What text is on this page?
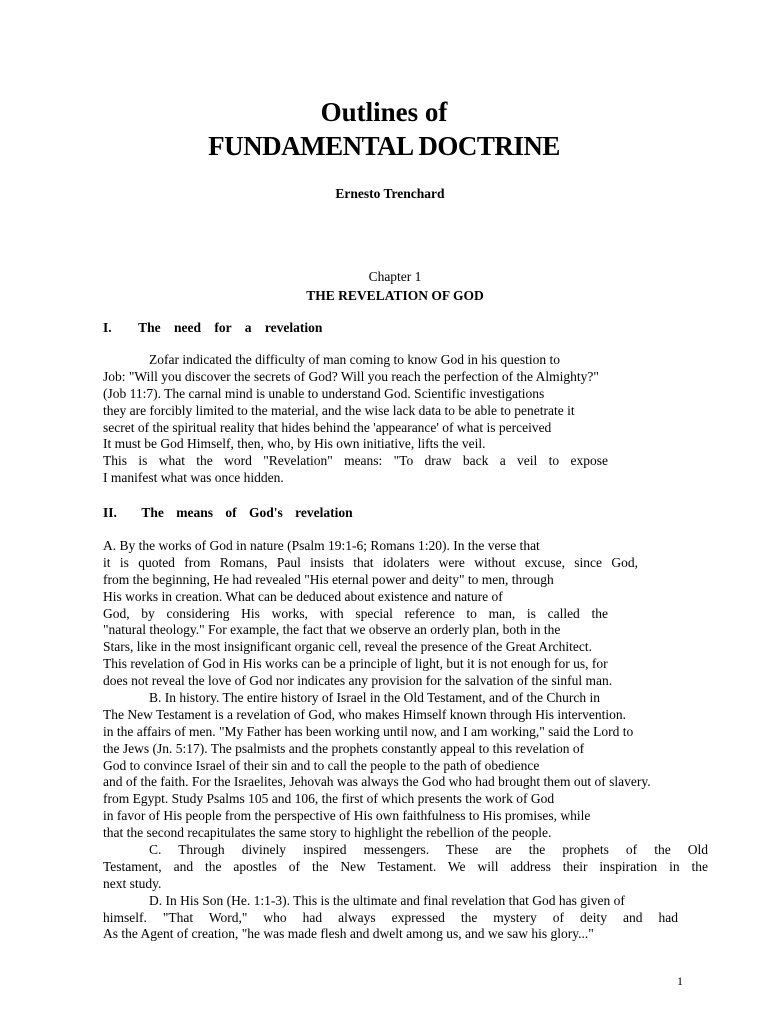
Outlines of
FUNDAMENTAL DOCTRINE
Ernesto Trenchard
Chapter 1
THE REVELATION OF GOD
I.  The need for a revelation
Zofar indicated the difficulty of man coming to know God in his question to
Job: "Will you discover the secrets of God? Will you reach the perfection of the Almighty?"
(Job 11:7). The carnal mind is unable to understand God. Scientific investigations
they are forcibly limited to the material, and the wise lack data to be able to penetrate it
secret of the spiritual reality that hides behind the 'appearance' of what is perceived
It must be God Himself, then, who, by His own initiative, lifts the veil.
This is what the word "Revelation" means: "To draw back a veil to expose
I manifest what was once hidden.
II.  The means of God's revelation
A. By the works of God in nature (Psalm 19:1-6; Romans 1:20). In the verse that
it is quoted from Romans, Paul insists that idolaters were without excuse, since God,
from the beginning, He had revealed "His eternal power and deity" to men, through
His works in creation. What can be deduced about existence and nature of
God, by considering His works, with special reference to man, is called the
"natural theology." For example, the fact that we observe an orderly plan, both in the
Stars, like in the most insignificant organic cell, reveal the presence of the Great Architect.
This revelation of God in His works can be a principle of light, but it is not enough for us, for
does not reveal the love of God nor indicates any provision for the salvation of the sinful man.
B. In history. The entire history of Israel in the Old Testament, and of the Church in
The New Testament is a revelation of God, who makes Himself known through His intervention.
in the affairs of men. "My Father has been working until now, and I am working," said the Lord to
the Jews (Jn. 5:17). The psalmists and the prophets constantly appeal to this revelation of
God to convince Israel of their sin and to call the people to the path of obedience
and of the faith. For the Israelites, Jehovah was always the God who had brought them out of slavery.
from Egypt. Study Psalms 105 and 106, the first of which presents the work of God
in favor of His people from the perspective of His own faithfulness to His promises, while
that the second recapitulates the same story to highlight the rebellion of the people.
C. Through divinely inspired messengers. These are the prophets of the Old
Testament, and the apostles of the New Testament. We will address their inspiration in the
next study.
D. In His Son (He. 1:1-3). This is the ultimate and final revelation that God has given of
himself. "That Word," who had always expressed the mystery of deity and had
As the Agent of creation, "he was made flesh and dwelt among us, and we saw his glory..."
1
